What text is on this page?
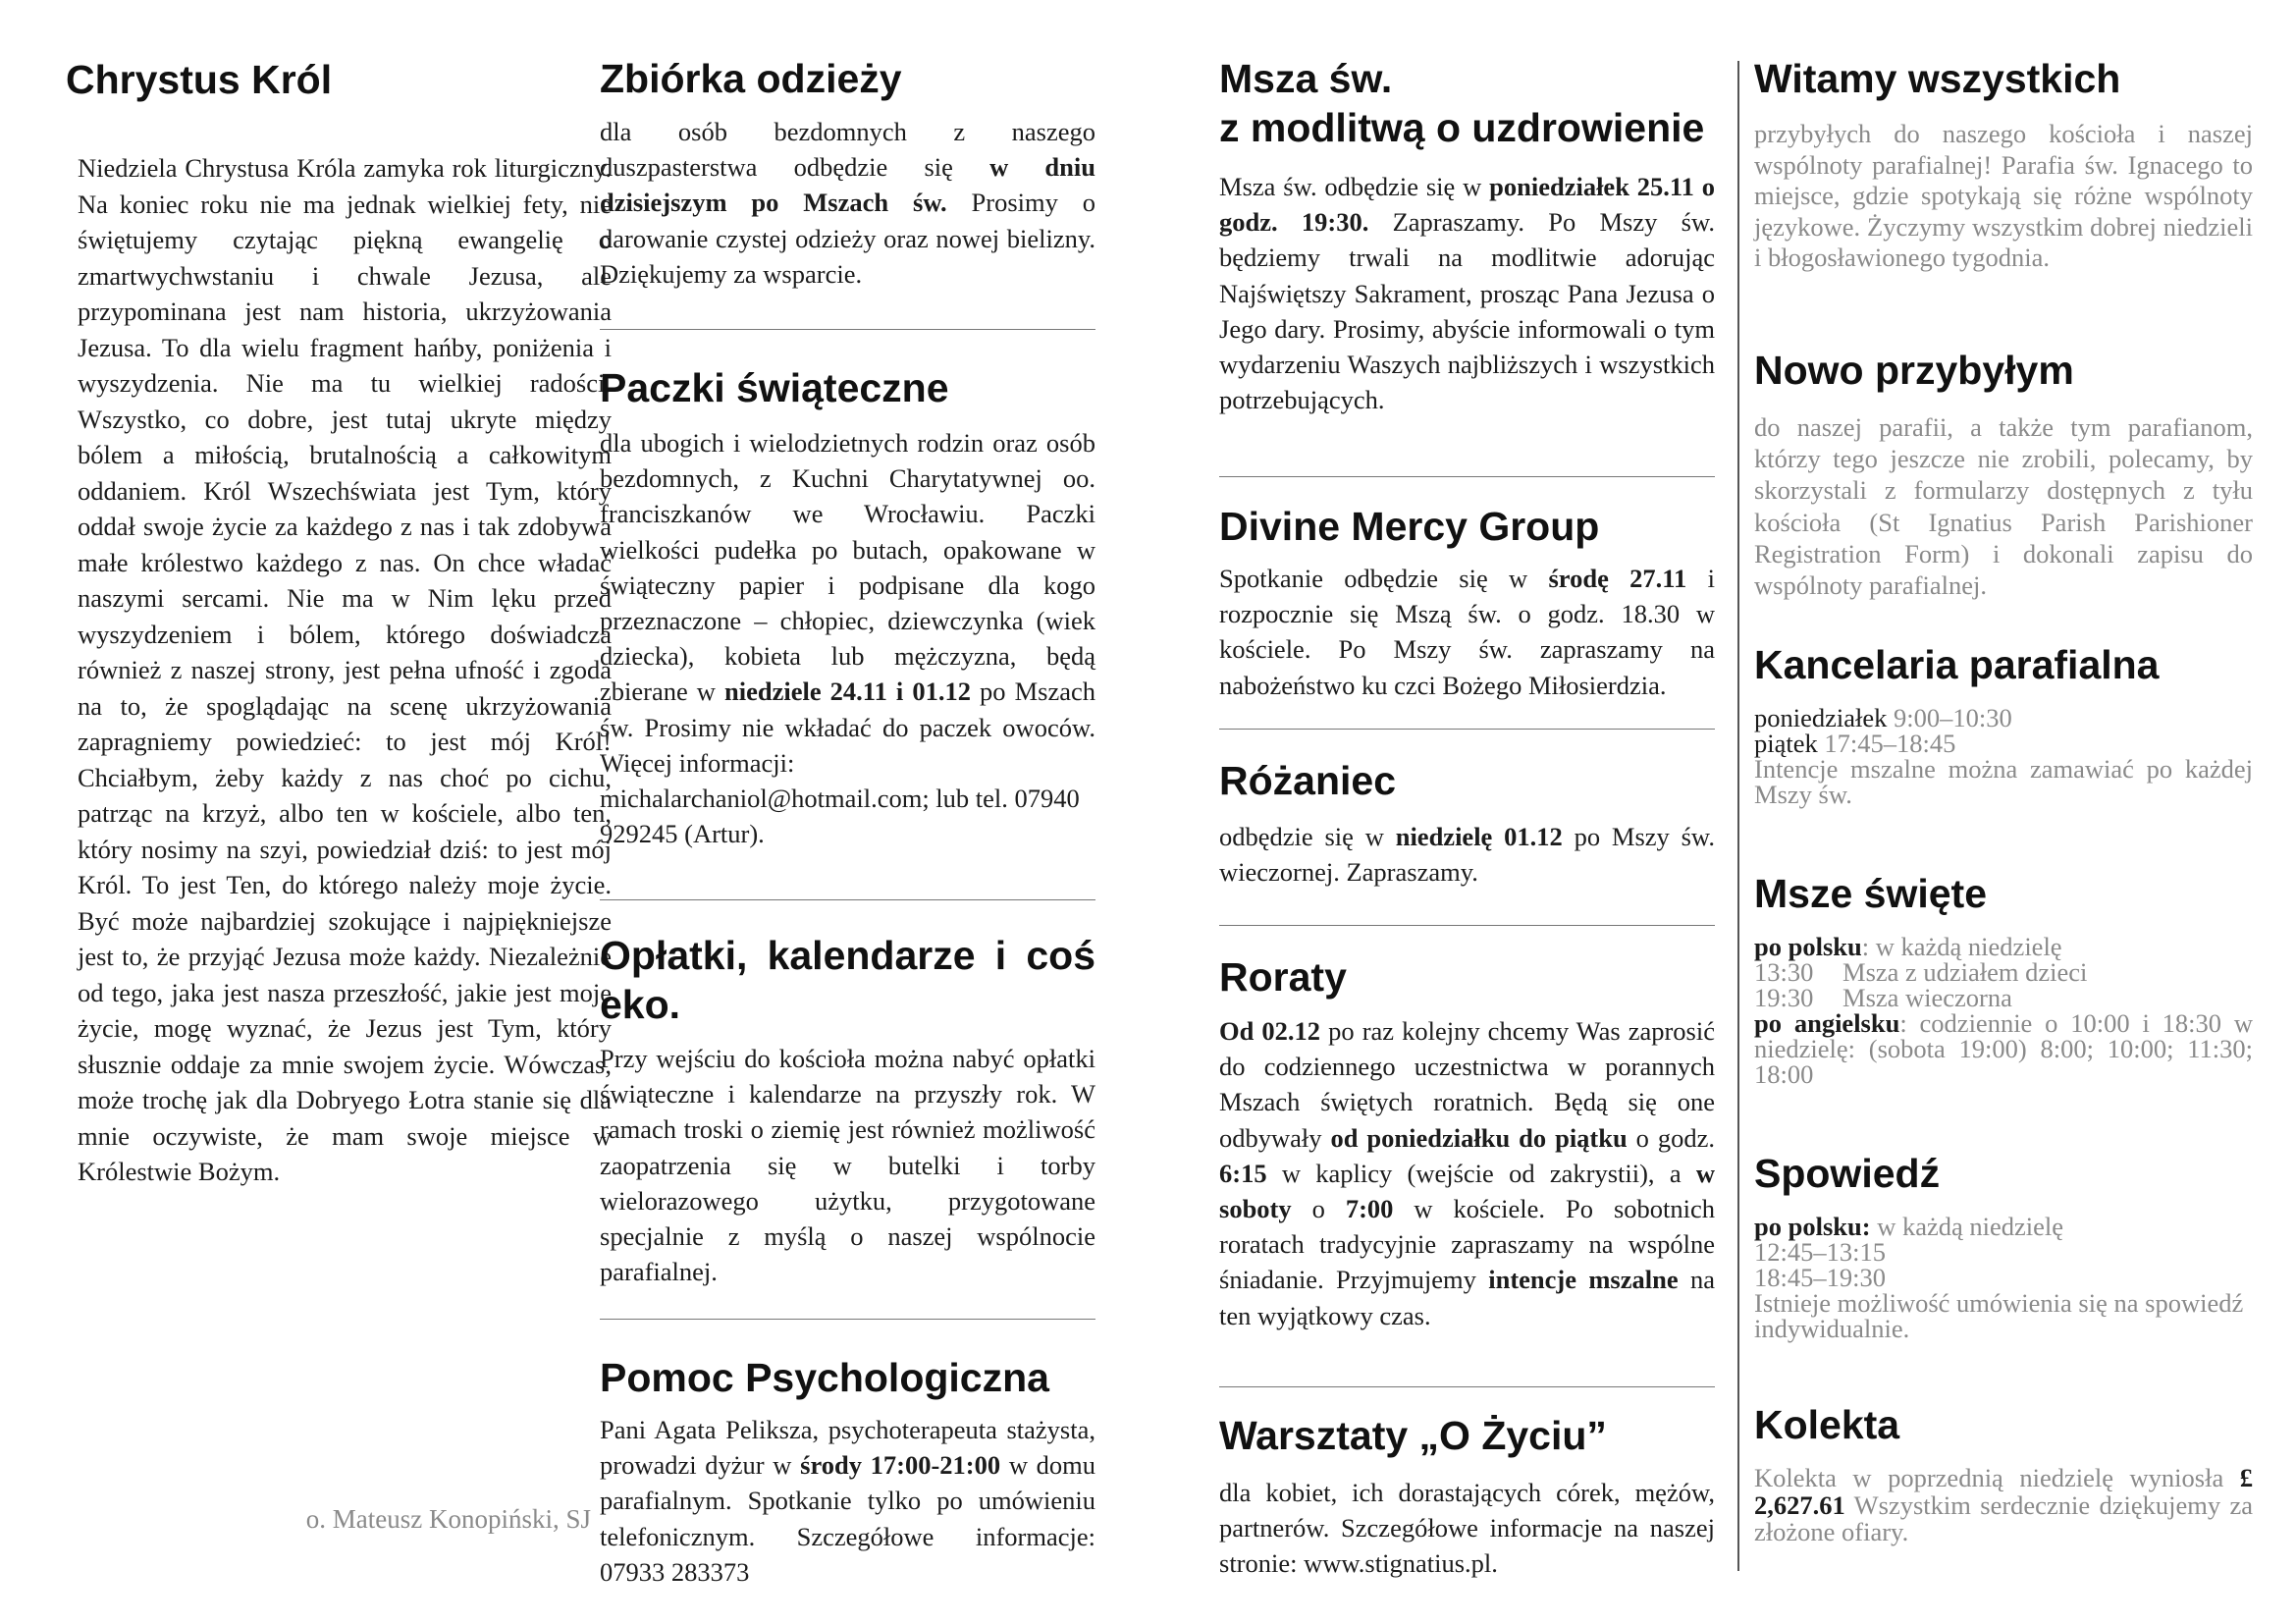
Chrystus Król

Niedziela Chrystusa Króla zamyka rok liturgiczny. Na koniec roku nie ma jednak wielkiej fety, nie świętujemy czytając piękną ewangelię o zmartwychwstaniu i chwale Jezusa, ale przypominana jest nam historia, ukrzyżowania Jezusa. To dla wielu fragment hańby, poniżenia i wyszydzenia. Nie ma tu wielkiej radości. Wszystko, co dobre, jest tutaj ukryte między bólem a miłością, brutalnością a całkowitym oddaniem. Król Wszechświata jest Tym, który oddał swoje życie za każdego z nas i tak zdobywa małe królestwo każdego z nas. On chce władać naszymi sercami. Nie ma w Nim lęku przed wyszydzeniem i bólem, którego doświadcza również z naszej strony, jest pełna ufność i zgoda na to, że spoglądając na scenę ukrzyżowania zapragniemy powiedzieć: to jest mój Król! Chciałbym, żeby każdy z nas choć po cichu, patrząc na krzyż, albo ten w kościele, albo ten, który nosimy na szyi, powiedział dziś: to jest mój Król. To jest Ten, do którego należy moje życie. Być może najbardziej szokujące i najpiękniejsze jest to, że przyjąć Jezusa może każdy. Niezależnie od tego, jaka jest nasza przeszłość, jakie jest moje życie, mogę wyznać, że Jezus jest Tym, który słusznie oddaje za mnie swojem życie. Wówczas, może trochę jak dla Dobryego Łotra stanie się dla mnie oczywiste, że mam swoje miejsce w Królestwie Bożym.

o. Mateusz Konopiński, SJ
Zbiórka odzieży

dla osób bezdomnych z naszego duszpasterstwa odbędzie się w dniu dzisiejszym po Mszach św. Prosimy o darowanie czystej odzieży oraz nowej bielizny. Dziękujemy za wsparcie.

Paczki świąteczne

dla ubogich i wielodzietnych rodzin oraz osób bezdomnych, z Kuchni Charytatywnej oo. franciszkanów we Wrocławiu. Paczki wielkości pudełka po butach, opakowane w świąteczny papier i podpisane dla kogo przeznaczone – chłopiec, dziewczynka (wiek dziecka), kobieta lub mężczyzna, będą zbierane w niedziele 24.11 i 01.12 po Mszach św. Prosimy nie wkładać do paczek owoców. Więcej informacji:
michalarchaniol@hotmail.com; lub tel. 07940 929245 (Artur).

Opłatki, kalendarze i coś eko.

Przy wejściu do kościoła można nabyć opłatki świąteczne i kalendarze na przyszły rok. W ramach troski o ziemię jest również możliwość zaopatrzenia się w butelki i torby wielorazowego użytku, przygotowane specjalnie z myślą o naszej wspólnocie parafialnej.

Pomoc Psychologiczna

Pani Agata Peliksza, psychoterapeuta stażysta, prowadzi dyżur w środy 17:00-21:00 w domu parafialnym. Spotkanie tylko po umówieniu telefonicznym. Szczegółowe informacje: 07933 283373

Msza św.
z modlitwą o uzdrowienie

Msza św. odbędzie się w poniedziałek 25.11 o godz. 19:30. Zapraszamy. Po Mszy św. będziemy trwali na modlitwie adorując Najświętszy Sakrament, prosząc Pana Jezusa o Jego dary. Prosimy, abyście informowali o tym wydarzeniu Waszych najbliższych i wszystkich potrzebujących.

Divine Mercy Group

Spotkanie odbędzie się w środę 27.11 i rozpocznie się Mszą św. o godz. 18.30 w kościele. Po Mszy św. zapraszamy na nabożeństwo ku czci Bożego Miłosierdzia.

Różaniec

odbędzie się w niedzielę 01.12 po Mszy św. wieczornej. Zapraszamy.

Roraty

Od 02.12 po raz kolejny chcemy Was zaprosić do codziennego uczestnictwa w porannych Mszach świętych roratnich. Będą się one odbywały od poniedziałku do piątku o godz. 6:15 w kaplicy (wejście od zakrystii), a w soboty o 7:00 w kościele. Po sobotnich roratach tradycyjnie zapraszamy na wspólne śniadanie. Przyjmujemy intencje mszalne na ten wyjątkowy czas.

Warsztaty „O Życiu”

dla kobiet, ich dorastających córek, mężów, partnerów. Szczegółowe informacje na naszej stronie: www.stignatius.pl.

Witamy wszystkich

przybyłych do naszego kościoła i naszej wspólnoty parafialnej! Parafia św. Ignacego to miejsce, gdzie spotykają się różne wspólnoty językowe. Życzymy wszystkim dobrej niedzieli i błogosławionego tygodnia.

Nowo przybyłym

do naszej parafii, a także tym parafianom, którzy tego jeszcze nie zrobili, polecamy, by skorzystali z formularzy dostępnych z tyłu kościoła (St Ignatius Parish Parishioner Registration Form) i dokonali zapisu do wspólnoty parafialnej.

Kancelaria parafialna
poniedziałek 9:00–10:30
piątek 17:45–18:45
Intencje mszalne można zamawiać po każdej Mszy św.
Msze święte
po polsku: w każdą niedzielę
13:30 Msza z udziałem dzieci
19:30 Msza wieczorna
po angielsku: codziennie o 10:00 i 18:30 w niedzielę: (sobota 19:00) 8:00; 10:00; 11:30; 18:00
Spowiedź
po polsku: w każdą niedzielę
12:45–13:15
18:45–19:30
Istnieje możliwość umówienia się na spowiedź indywidualnie.
Kolekta

Kolekta w poprzednią niedzielę wyniosła £ 2,627.61 Wszystkim serdecznie dziękujemy za złożone ofiary.
